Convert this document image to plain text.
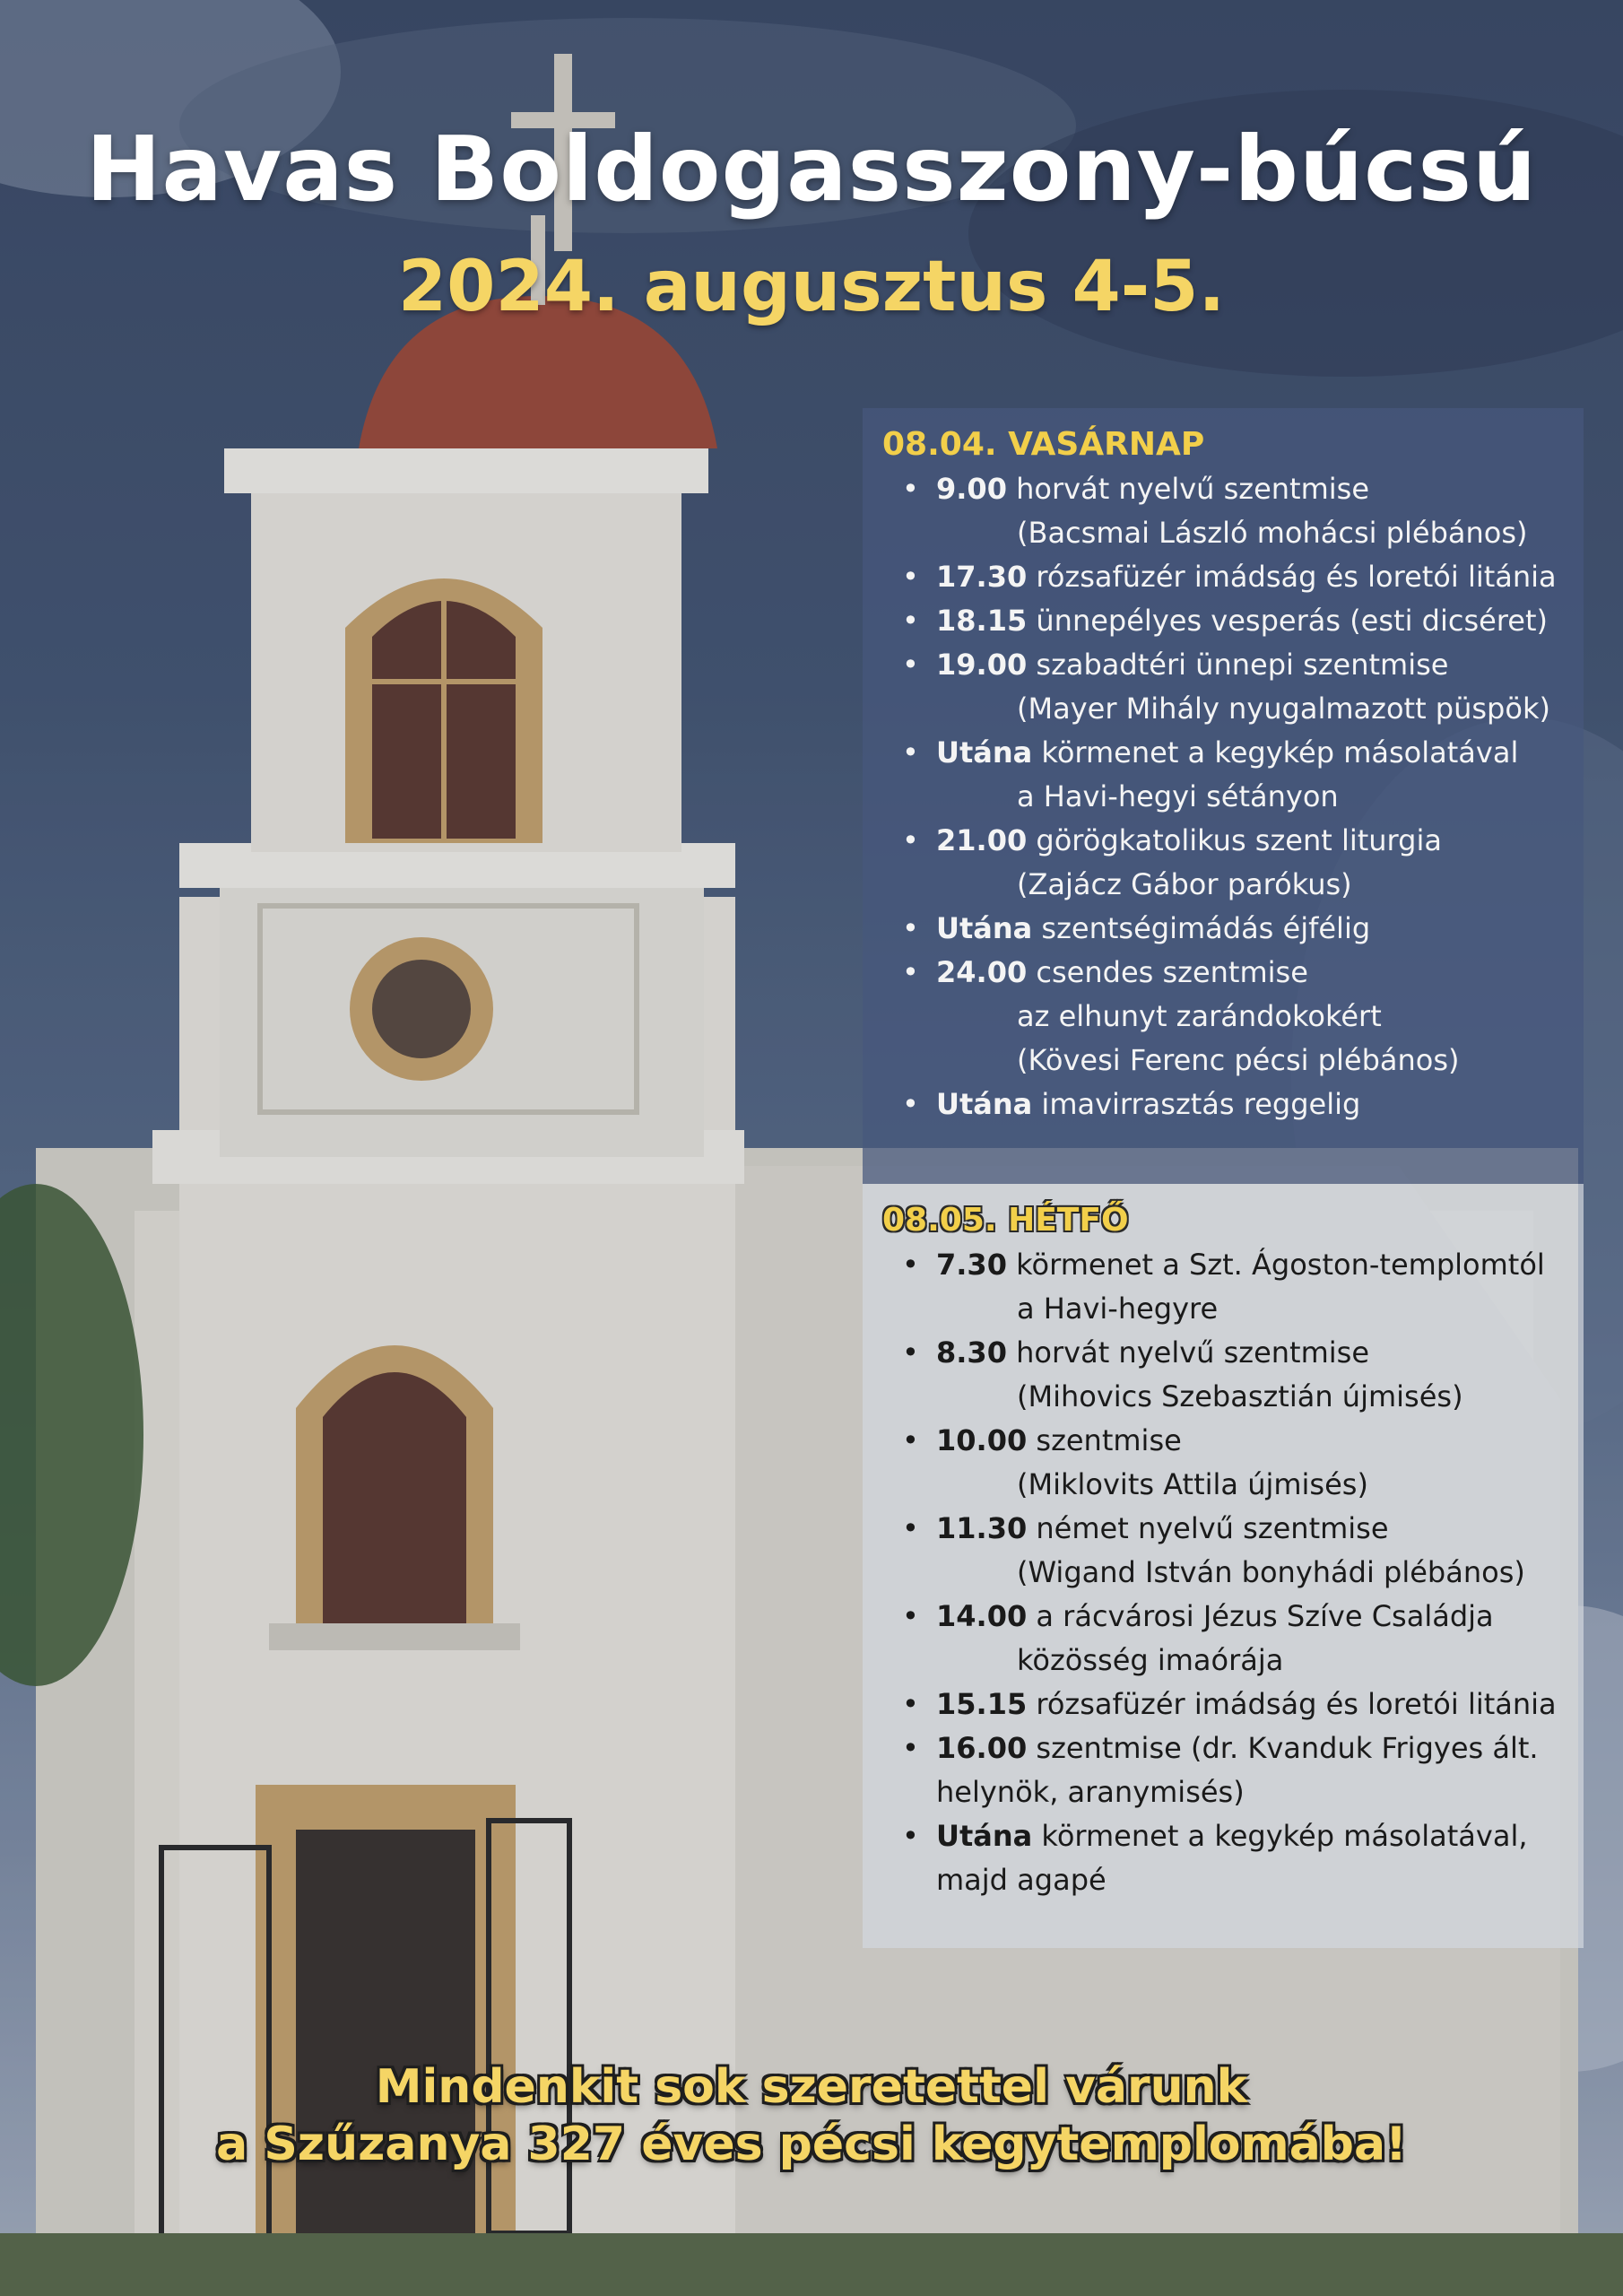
Havas Boldogasszony-búcsú
2024. augusztus 4-5.
08.04. VASÁRNAP
• 9.00 horvát nyelvű szentmise
(Bacsmai László mohácsi plébános)
• 17.30 rózsafüzér imádság és loretói litánia
• 18.15 ünnepélyes vesperás (esti dicséret)
• 19.00 szabadtéri ünnepi szentmise
(Mayer Mihály nyugalmazott püspök)
• Utána körmenet a kegykép másolatával
a Havi-hegyi sétányon
• 21.00 görögkatolikus szent liturgia
(Zajácz Gábor parókus)
• Utána szentségimádás éjfélig
• 24.00 csendes szentmise
az elhunyt zarándokokért
(Kövesi Ferenc pécsi plébános)
• Utána imavirrasztás reggelig
08.05. HÉTFŐ
• 7.30 körmenet a Szt. Ágoston-templomtól
a Havi-hegyre
• 8.30 horvát nyelvű szentmise
(Mihovics Szebasztián újmisés)
• 10.00 szentmise
(Miklovits Attila újmisés)
• 11.30 német nyelvű szentmise
(Wigand István bonyhádi plébános)
• 14.00 a rácvárosi Jézus Szíve Családja
közösség imaórája
• 15.15 rózsafüzér imádság és loretói litánia
• 16.00 szentmise (dr. Kvanduk Frigyes ált.
helynök, aranymisés)
• Utána körmenet a kegykép másolatával,
majd agapé
Mindenkit sok szeretettel várunk
a Szűzanya 327 éves pécsi kegytemplomába!
